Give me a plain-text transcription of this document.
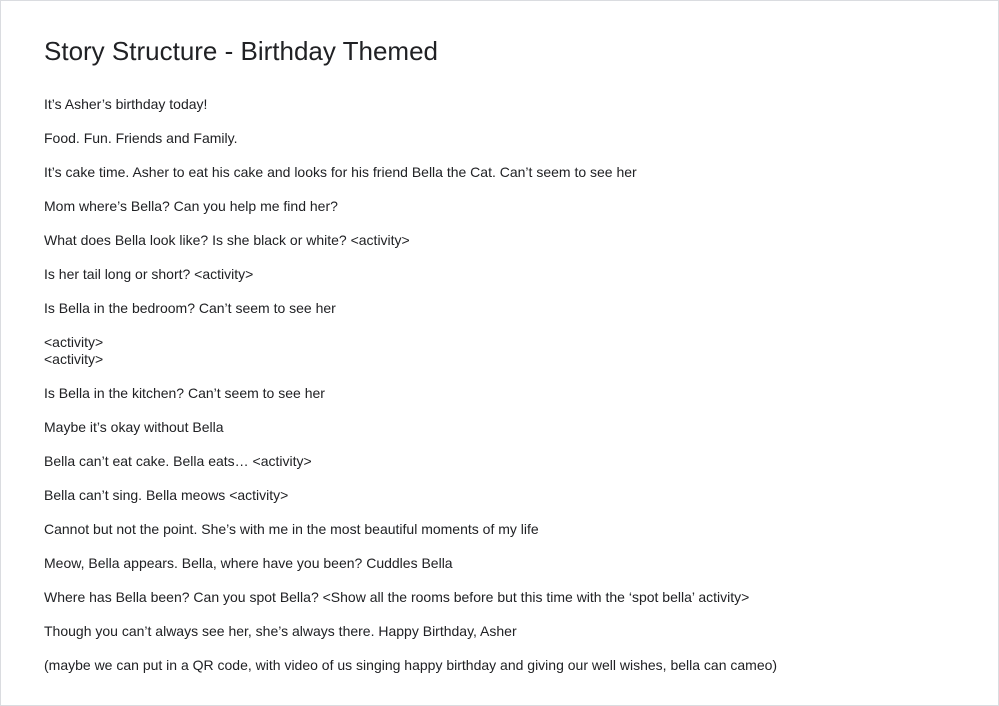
Story Structure - Birthday Themed

It’s Asher’s birthday today!

Food. Fun. Friends and Family.

It’s cake time. Asher to eat his cake and looks for his friend Bella the Cat. Can’t seem to see her

Mom where’s Bella? Can you help me find her?

What does Bella look like? Is she black or white? <activity>

Is her tail long or short? <activity>

Is Bella in the bedroom? Can’t seem to see her

<activity>

<activity>

Is Bella in the kitchen? Can’t seem to see her

Maybe it’s okay without Bella

Bella can’t eat cake. Bella eats… <activity>

Bella can’t sing. Bella meows <activity>

Cannot but not the point. She’s with me in the most beautiful moments of my life

Meow, Bella appears. Bella, where have you been? Cuddles Bella

Where has Bella been? Can you spot Bella? <Show all the rooms before but this time with the ‘spot bella’ activity>

Though you can’t always see her, she’s always there. Happy Birthday, Asher

(maybe we can put in a QR code, with video of us singing happy birthday and giving our well wishes, bella can cameo)
